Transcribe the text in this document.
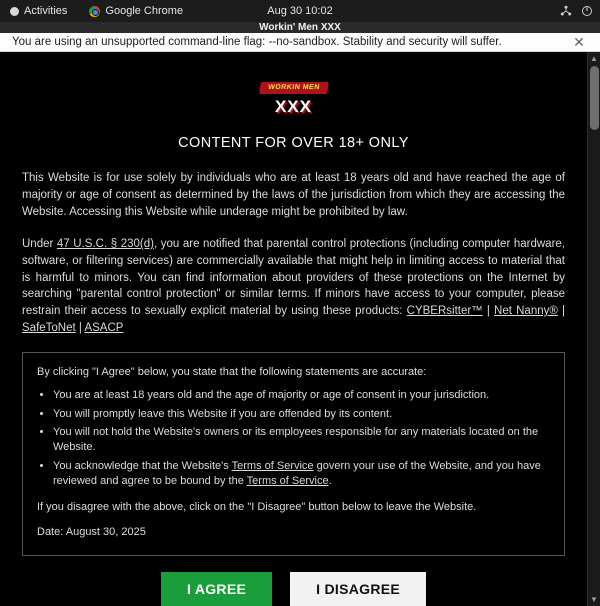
Activities	Google Chrome	Aug 30 10:02
Workin' Men XXX
You are using an unsupported command-line flag: --no-sandbox. Stability and security will suffer.	✕
WORKIN MEN
XXX
CONTENT FOR OVER 18+ ONLY

This Website is for use solely by individuals who are at least 18 years old and have reached the age of majority or age of consent as determined by the laws of the jurisdiction from which they are accessing the Website. Accessing this Website while underage might be prohibited by law.

Under 47 U.S.C. § 230(d), you are notified that parental control protections (including computer hardware, software, or filtering services) are commercially available that might help in limiting access to material that is harmful to minors. You can find information about providers of these protections on the Internet by searching "parental control protection" or similar terms. If minors have access to your computer, please restrain their access to sexually explicit material by using these products: CYBERsitter™ | Net Nanny® | SafeToNet | ASACP

By clicking "I Agree" below, you state that the following statements are accurate:
• You are at least 18 years old and the age of majority or age of consent in your jurisdiction.
• You will promptly leave this Website if you are offended by its content.
• You will not hold the Website's owners or its employees responsible for any materials located on the Website.
• You acknowledge that the Website's Terms of Service govern your use of the Website, and you have reviewed and agree to be bound by the Terms of Service.
If you disagree with the above, click on the "I Disagree" button below to leave the Website.
Date: August 30, 2025
I AGREE	I DISAGREE
▲
▼
